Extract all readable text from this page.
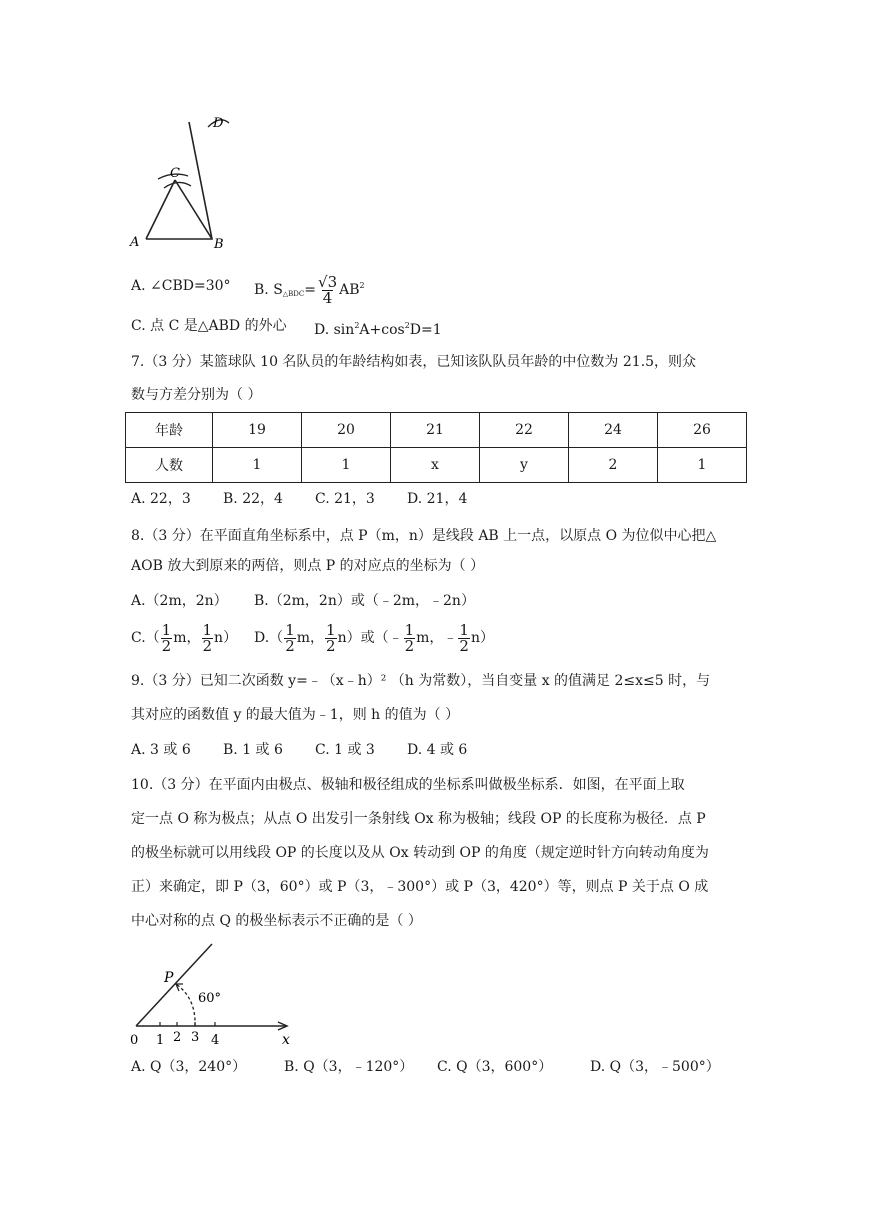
A	B
C
D
A. ∠CBD=30° B. $S_{\triangle BDC}= \frac{√3}{4} AB^2$
C. 点 C 是△ABD 的外心 D. $\sin^2A+\cos^2D=1$
7.（3 分）某篮球队 10 名队员的年龄结构如表，已知该队队员年龄的中位数为 21.5，则众
数与方差分别为（ ）
年龄	19	20	21	22	24	26
人数	1	1	x	y	2	1
A. 22，3 B. 22，4 C. 21，3 D. 21，4
8.（3 分）在平面直角坐标系中，点 P（m，n）是线段 AB 上一点，以原点 O 为位似中心把△
AOB 放大到原来的两倍，则点 P 的对应点的坐标为（ ）
A.（2m，2n） B.（2m，2n）或（﹣2m，﹣2n）
$C.( \frac{1}{2}$ m， $\frac{1}{2} n$） $D.( \frac{1}{2}$ m， $\frac{1}{2} n$）或（﹣ $\frac{1}{2}$ m，﹣ $\frac{1}{2} n$）
9.（3 分）已知二次函数 y=﹣（x﹣h）² （h 为常数），当自变量 x 的值满足 2≤x≤5 时，与
其对应的函数值 y 的最大值为﹣1，则 h 的值为（ ）
A. 3 或 6 B. 1 或 6 C. 1 或 3 D. 4 或 6
10.（3 分）在平面内由极点、极轴和极径组成的坐标系叫做极坐标系．如图，在平面上取
定一点 O 称为极点；从点 O 出发引一条射线 Ox 称为极轴；线段 OP 的长度称为极径．点 P
的极坐标就可以用线段 OP 的长度以及从 Ox 转动到 OP 的角度（规定逆时针方向转动角度为
正）来确定，即 P（3，60°）或 P（3，﹣300°）或 P（3，420°）等，则点 P 关于点 O 成
中心对称的点 Q 的极坐标表示不正确的是（ ）
P
60°
0 1 2 3 4	x
A. Q（3，240°）	B. Q（3，﹣120°） C. Q（3，600°）	D. Q（3，﹣500°）
